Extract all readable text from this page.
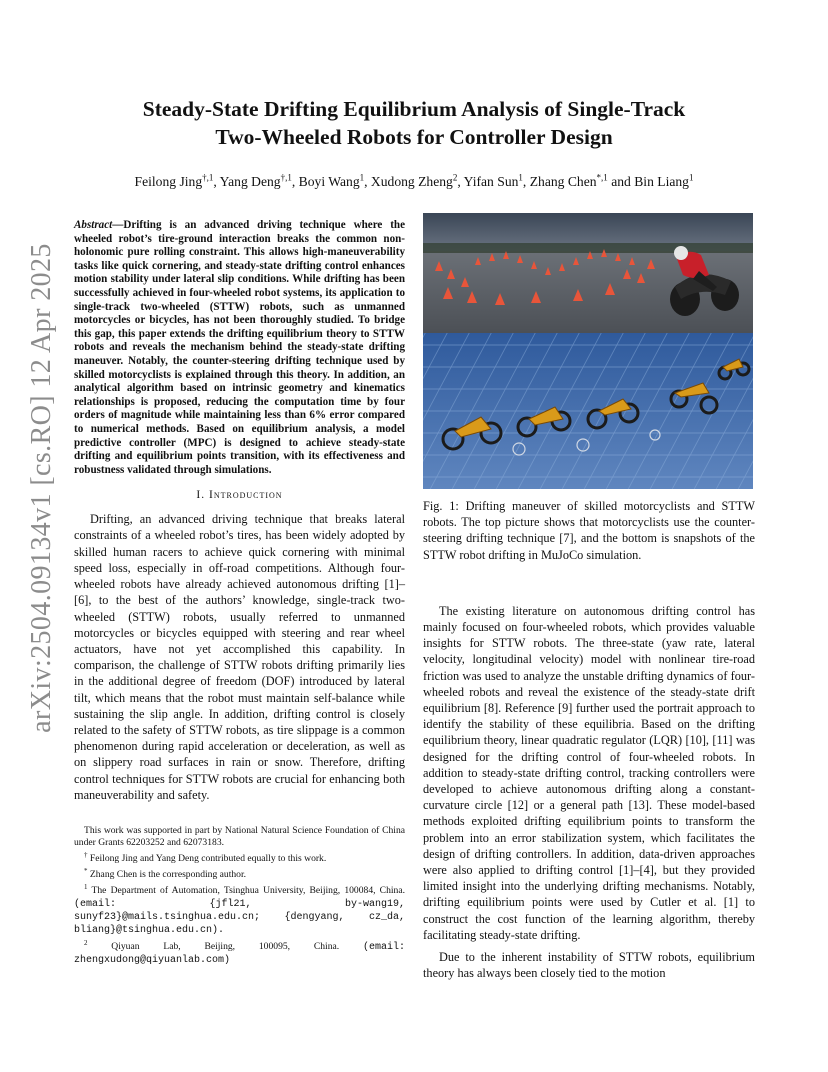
arXiv:2504.09134v1 [cs.RO] 12 Apr 2025
Steady-State Drifting Equilibrium Analysis of Single-Track
Two-Wheeled Robots for Controller Design
Feilong Jing$^{\dagger,1}$, Yang Deng$^{\dagger,1}$, Boyi Wang$^1$, Xudong Zheng$^2$, Yifan Sun$^1$, Zhang Chen$^{*,1}$ and Bin Liang$^1$
Abstract—Drifting is an advanced driving technique where the wheeled robot’s tire-ground interaction breaks the common non-holonomic pure rolling constraint. This allows high-maneuverability tasks like quick cornering, and steady-state drifting control enhances motion stability under lateral slip conditions. While drifting has been successfully achieved in four-wheeled robot systems, its application to single-track two-wheeled (STTW) robots, such as unmanned motorcycles or bicycles, has not been thoroughly studied. To bridge this gap, this paper extends the drifting equilibrium theory to STTW robots and reveals the mechanism behind the steady-state drifting maneuver. Notably, the counter-steering drifting technique used by skilled motorcyclists is explained through this theory. In addition, an analytical algorithm based on intrinsic geometry and kinematics relationships is proposed, reducing the computation time by four orders of magnitude while maintaining less than 6% error compared to numerical methods. Based on equilibrium analysis, a model predictive controller (MPC) is designed to achieve steady-state drifting and equilibrium points transition, with its effectiveness and robustness validated through simulations.
I. Introduction

Drifting, an advanced driving technique that breaks lateral constraints of a wheeled robot’s tires, has been widely adopted by skilled human racers to achieve quick cornering with minimal speed loss, especially in off-road competitions. Although four-wheeled robots have already achieved autonomous drifting [1]–[6], to the best of the authors’ knowledge, single-track two-wheeled (STTW) robots, usually referred to unmanned motorcycles or bicycles equipped with steering and rear wheel actuators, have not yet accomplished this capability. In comparison, the challenge of STTW robots drifting primarily lies in the additional degree of freedom (DOF) introduced by lateral tilt, which means that the robot must maintain self-balance while sustaining the slip angle. In addition, drifting control is closely related to the safety of STTW robots, as tire slippage is a common phenomenon during rapid acceleration or deceleration, as well as on slippery road surfaces in rain or snow. Therefore, drifting control techniques for STTW robots are crucial for enhancing both maneuverability and safety.

This work was supported in part by National Natural Science Foundation of China under Grants 62203252 and 62073183.

† Feilong Jing and Yang Deng contributed equally to this work.

* Zhang Chen is the corresponding author.

$^1$ The Department of Automation, Tsinghua University, Beijing, 100084, China. (email: {jfl21, by-wang19, sunyf23}@mails.tsinghua.edu.cn; {dengyang, cz_da, bliang}@tsinghua.edu.cn).

$^2$ Qiyuan Lab, Beijing, 100095, China. (email: zhengxudong@qiyuanlab.com)

Fig. 1: Drifting maneuver of skilled motorcyclists and STTW robots. The top picture shows that motorcyclists use the counter-steering drifting technique [7], and the bottom is snapshots of the STTW robot drifting in MuJoCo simulation.

The existing literature on autonomous drifting control has mainly focused on four-wheeled robots, which provides valuable insights for STTW robots. The three-state (yaw rate, lateral velocity, longitudinal velocity) model with nonlinear tire-road friction was used to analyze the unstable drifting dynamics of four-wheeled robots and reveal the existence of the steady-state drift equilibrium [8]. Reference [9] further used the portrait approach to identify the stability of these equilibria. Based on the drifting equilibrium theory, linear quadratic regulator (LQR) [10], [11] was designed for the drifting control of four-wheeled robots. In addition to steady-state drifting control, tracking controllers were developed to achieve autonomous drifting along a constant-curvature circle [12] or a general path [13]. These model-based methods exploited drifting equilibrium points to transform the problem into an error stabilization system, which facilitates the design of drifting controllers. In addition, data-driven approaches were also applied to drifting control [1]–[4], but they provided limited insight into the underlying drifting mechanisms. Notably, drifting equilibrium points were used by Cutler et al. [1] to construct the cost function of the learning algorithm, thereby facilitating steady-state drifting.

Due to the inherent instability of STTW robots, equilibrium theory has always been closely tied to the motion
